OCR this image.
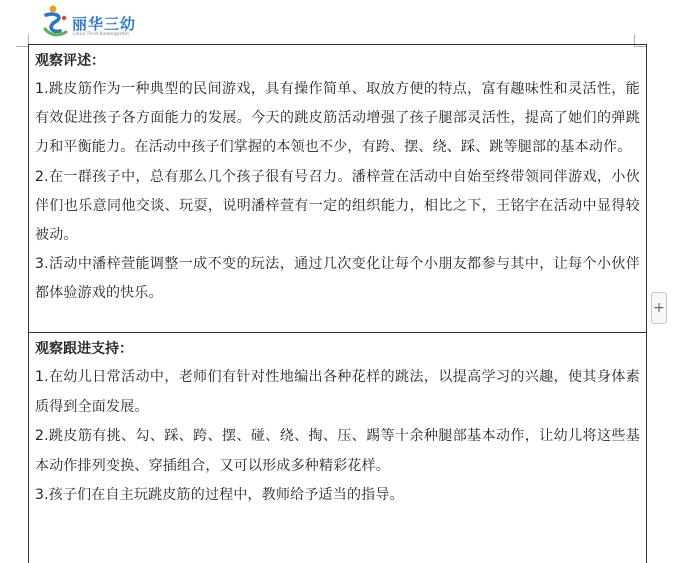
丽华三幼
Lihua Third Kindergarten

观察评述：

1.跳皮筋作为一种典型的民间游戏，具有操作简单、取放方便的特点，富有趣味性和灵活性，能有效促进孩子各方面能力的发展。今天的跳皮筋活动增强了孩子腿部灵活性，提高了她们的弹跳力和平衡能力。在活动中孩子们掌握的本领也不少，有跨、摆、绕、踩、跳等腿部的基本动作。

2.在一群孩子中，总有那么几个孩子很有号召力。潘梓萱在活动中自始至终带领同伴游戏，小伙伴们也乐意同他交谈、玩耍，说明潘梓萱有一定的组织能力，相比之下，王铭宇在活动中显得较被动。

3.活动中潘梓萱能调整一成不变的玩法，通过几次变化让每个小朋友都参与其中，让每个小伙伴都体验游戏的快乐。

观察跟进支持：

1.在幼儿日常活动中，老师们有针对性地编出各种花样的跳法，以提高学习的兴趣，使其身体素质得到全面发展。

2.跳皮筋有挑、勾、踩、跨、摆、碰、绕、掏、压、踢等十余种腿部基本动作，让幼儿将这些基本动作排列变换、穿插组合，又可以形成多种精彩花样。

3.孩子们在自主玩跳皮筋的过程中，教师给予适当的指导。

+
